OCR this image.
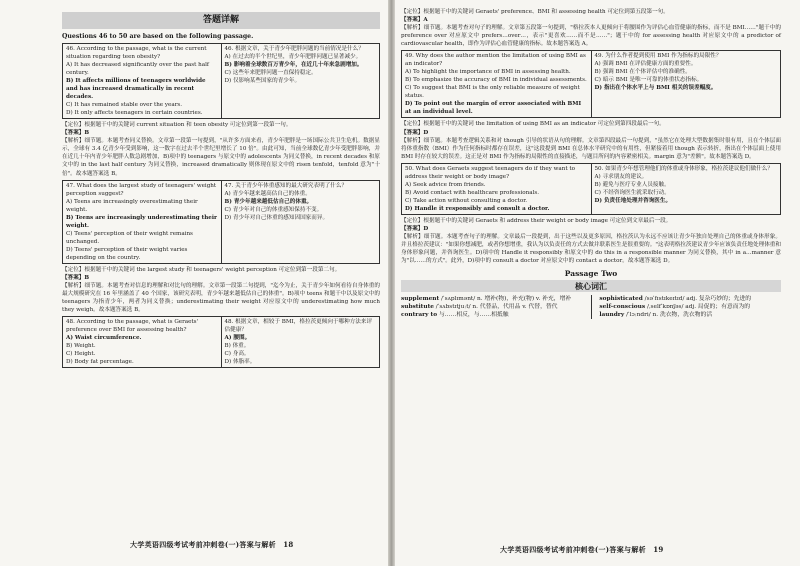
答题详解
Questions 46 to 50 are based on the following passage.
46. According to the passage, what is the current situation regarding teen obesity?
A) It has decreased significantly over the past half century.
B) It affects millions of teenagers worldwide and has increased dramatically in recent decades.
C) It has remained stable over the years.
D) It only affects teenagers in certain countries.

46. 根据文章，关于青少年肥胖问题的当前情况是什么？
A) 在过去的半个世纪里，青少年肥胖问题已显著减少。
B) 影响着全球数百万青少年，在近几十年来急剧增加。
C) 这些年来肥胖问题一直保持稳定。
D) 仅影响某些国家的青少年。

【定位】根据题干中的关键词 current situation 和 teen obesity 可定位到第一段第一句。

【答案】B

【解析】细节题。本题考查同义替换。文章第一段第一句提到，"从许多方面来看，青少年肥胖是一场国际公共卫生危机。数据显示，全球有 3.4 亿青少年受到影响，这一数字在过去半个世纪里增长了 10 倍"。由此可知，当前全球数亿青少年受肥胖影响，并在近几十年内青少年肥胖人数急剧增加，B)项中的 teenagers 与原文中的 adolescents 为同义替换，in recent decades 和原文中的 in the last half century 为同义替换，increased dramatically 则体现在原文中的 risen tenfold，tenfold 意为"十倍"。故本题答案选 B。

47. What does the largest study of teenagers' weight perception suggest?
A) Teens are increasingly overestimating their weight.
B) Teens are increasingly underestimating their weight.
C) Teens' perception of their weight remains unchanged.
D) Teens' perception of their weight varies depending on the country.

47. 关于青少年体重感知的最大研究表明了什么？
A) 青少年越来越高估自己的体重。
B) 青少年越来越低估自己的体重。
C) 青少年对自己的体重感知保持不变。
D) 青少年对自己体重的感知因国家而异。

【定位】根据题干中的关键词 the largest study 和 teenagers' weight perception 可定位到第一段第二句。

【答案】B

【解析】细节题。本题考查对信息的理解和对比句的理解。文章第一段第二句提到，"迄今为止，关于青少年如何看待自身体重的最大规模研究在 16 年里涵盖了 40 个国家，该研究表明，青少年越来越低估自己的体重"。B)项中 teens 和题干中以及原文中的 teenagers 为指青少年，两者为同义替换；underestimating their weight 对应原文中的 underestimating how much they weigh。故本题答案选 B。

48. According to the passage, what is Geraets' preference over BMI for assessing health?
A) Waist circumference.
B) Weight.
C) Height.
D) Body fat percentage.

48. 根据文章，相较于 BMI，格拉茨更倾向于哪种方法来评估健康？
A) 腰围。
B) 体重。
C) 身高。
D) 体脂率。
大学英语四级考试考前冲刺卷(一)答案与解析　18

【定位】根据题干中的关键词 Geraets' preference、BMI 和 assessing health 可定位到第五段第一句。

【答案】A

【解析】细节题。本题考查对句子的理解。文章第五段第一句提到，"格拉茨本人更倾向于将腰围作为评估心血管健康的指标，而不是 BMI……"题干中的 preference over 对应原文中 prefers…over…，表示"更喜欢……而不是……"；题干中的 for assessing health 对应原文中的 a predictor of cardiovascular health，即作为评估心血管健康的指标。故本题答案选 A。

49. Why does the author mention the limitation of using BMI as an indicator?
A) To highlight the importance of BMI in assessing health.
B) To emphasize the accuracy of BMI in individual assessments.
C) To suggest that BMI is the only reliable measure of weight status.
D) To point out the margin of error associated with BMI at an individual level.

49. 为什么作者提到使用 BMI 作为指标的局限性？
A) 强调 BMI 在评估健康方面的重要性。
B) 强调 BMI 在个体评估中的准确性。
C) 暗示 BMI 是唯一可靠的体重状态指标。
D) 指出在个体水平上与 BMI 相关的误差幅度。

【定位】根据题干中的关键词 the limitation of using BMI as an indicator 可定位到第四段最后一句。

【答案】D

【解析】细节题。本题考查逻辑关系和对 though 引导的状语从句的理解。文章第四段最后一句提到，"虽然它在处理大型数据集时很有用，且在个体层面将体重指数（BMI）作为任何指标时都存在误差，这"这段提到 BMI 在总体水平研究中的有用性，但紧接着用 though 表示转折，指出在个体层面上使用 BMI 时存在较大的误差。这正是对 BMI 作为指标的局限性的直接描述，与题目所问的内容紧密相关。margin 意为"差额"。故本题答案选 D。

50. What does Geraets suggest teenagers do if they want to address their weight or body image?
A) Seek advice from friends.
B) Avoid contact with healthcare professionals.
C) Take action without consulting a doctor.
D) Handle it responsibly and consult a doctor.

50. 如果青少年想管理他们的体重或身体形象，格拉茨建议他们做什么？
A) 寻求朋友的建议。
B) 避免与医疗专业人员接触。
C) 不经咨询医生就采取行动。
D) 负责任地处理并咨询医生。

【定位】根据题干中的关键词 Geraets 和 address their weight or body image 可定位到文章最后一段。

【答案】D

【解析】细节题。本题考查句子的理解。文章最后一段提到，出于这些以及更多原因，格拉茨认为永远不应该让青少年独自处理自己的体重或身体形象。并且格拉茨建议："如果你想减肥，或者你想增重，我认为以负责任的方式去做并联系医生是很重要的。"这表明格拉茨建议青少年应该负责任地处理体重和身体形象问题，并咨询医生。D)项中的 Handle it responsibly 和原文中的 do this in a responsible manner 为同义替换，其中 in a…manner 意为"以……的方式"。此外，D)项中的 consult a doctor 对应原文中的 contact a doctor。故本题答案选 D。

Passage Two
核心词汇

supplement /ˈsʌplɪmənt/ n. 增补(物)，补充(物) v. 补充，增补

substitute /ˈsʌbstɪtjuːt/ n. 代替品，代用品 v. 代替，替代

contrary to 与……相反，与……相抵触

sophisticated /səˈfɪstɪkeɪtɪd/ adj. 复杂巧妙的；先进的

self-conscious /ˌselfˈkɒnʃəs/ adj. 局促的；有意而为的

laundry /ˈlɔːndri/ n. 洗衣物，洗衣物的活

大学英语四级考试考前冲刺卷(一)答案与解析　19
